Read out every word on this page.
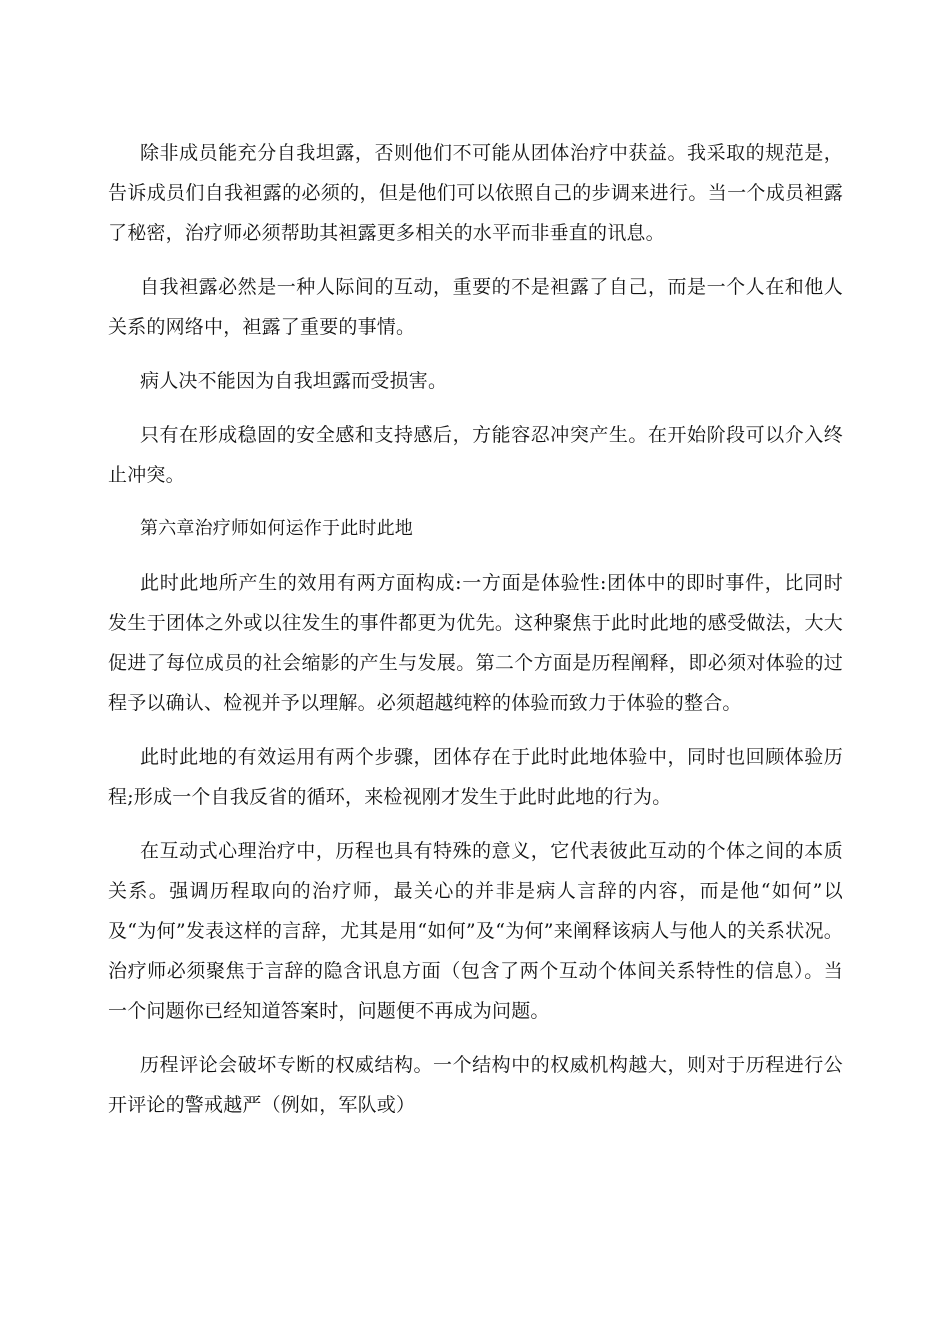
除非成员能充分自我坦露，否则他们不可能从团体治疗中获益。我采取的规范是，告诉成员们自我袒露的必须的，但是他们可以依照自己的步调来进行。当一个成员袒露了秘密，治疗师必须帮助其袒露更多相关的水平而非垂直的讯息。

自我袒露必然是一种人际间的互动，重要的不是袒露了自己，而是一个人在和他人关系的网络中，袒露了重要的事情。

病人决不能因为自我坦露而受损害。

只有在形成稳固的安全感和支持感后，方能容忍冲突产生。在开始阶段可以介入终止冲突。

第六章治疗师如何运作于此时此地

此时此地所产生的效用有两方面构成:一方面是体验性:团体中的即时事件，比同时发生于团体之外或以往发生的事件都更为优先。这种聚焦于此时此地的感受做法，大大促进了每位成员的社会缩影的产生与发展。第二个方面是历程阐释，即必须对体验的过程予以确认、检视并予以理解。必须超越纯粹的体验而致力于体验的整合。

此时此地的有效运用有两个步骤，团体存在于此时此地体验中，同时也回顾体验历程;形成一个自我反省的循环，来检视刚才发生于此时此地的行为。

在互动式心理治疗中，历程也具有特殊的意义，它代表彼此互动的个体之间的本质关系。强调历程取向的治疗师，最关心的并非是病人言辞的内容，而是他“如何”以及“为何”发表这样的言辞，尤其是用“如何”及“为何”来阐释该病人与他人的关系状况。治疗师必须聚焦于言辞的隐含讯息方面（包含了两个互动个体间关系特性的信息）。当一个问题你已经知道答案时，问题便不再成为问题。

历程评论会破坏专断的权威结构。一个结构中的权威机构越大，则对于历程进行公开评论的警戒越严（例如，军队或）
